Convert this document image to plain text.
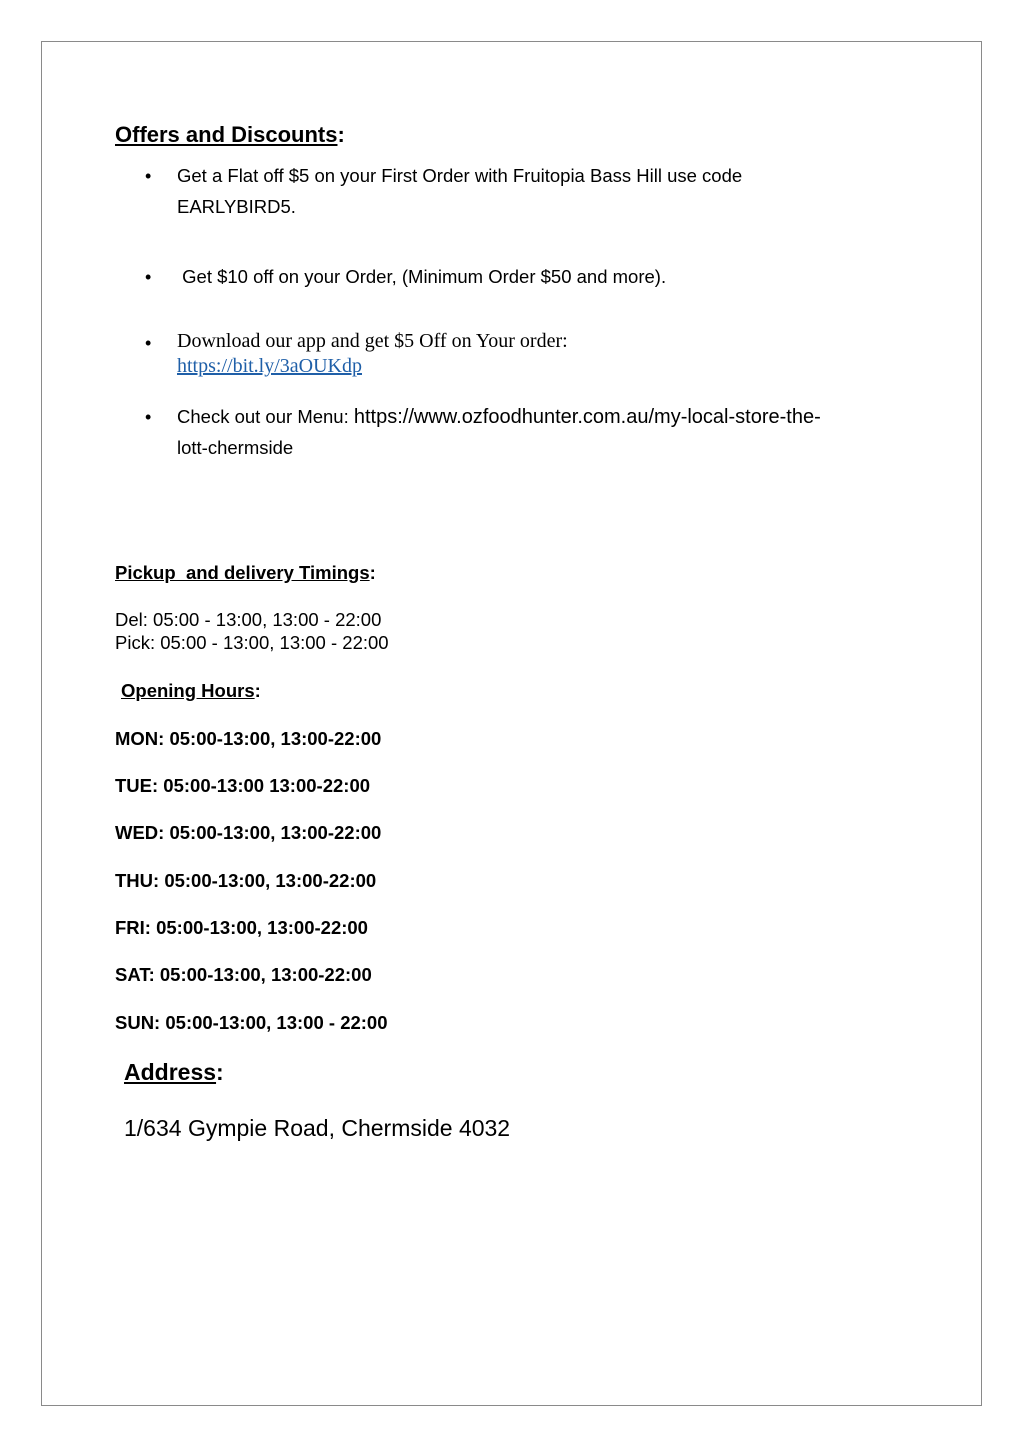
Offers and Discounts:
• Get a Flat off $5 on your First Order with Fruitopia Bass Hill use code
EARLYBIRD5.
• Get $10 off on your Order, (Minimum Order $50 and more).
• Download our app and get $5 Off on Your order:
https://bit.ly/3aOUKdp
• Check out our Menu: https://www.ozfoodhunter.com.au/my-local-store-the-
lott-chermside
Pickup  and delivery Timings:
Del: 05:00 - 13:00, 13:00 - 22:00
Pick: 05:00 - 13:00, 13:00 - 22:00
Opening Hours:
MON: 05:00-13:00, 13:00-22:00
TUE: 05:00-13:00 13:00-22:00
WED: 05:00-13:00, 13:00-22:00
THU: 05:00-13:00, 13:00-22:00
FRI: 05:00-13:00, 13:00-22:00
SAT: 05:00-13:00, 13:00-22:00
SUN: 05:00-13:00, 13:00 - 22:00
Address:
1/634 Gympie Road, Chermside 4032
